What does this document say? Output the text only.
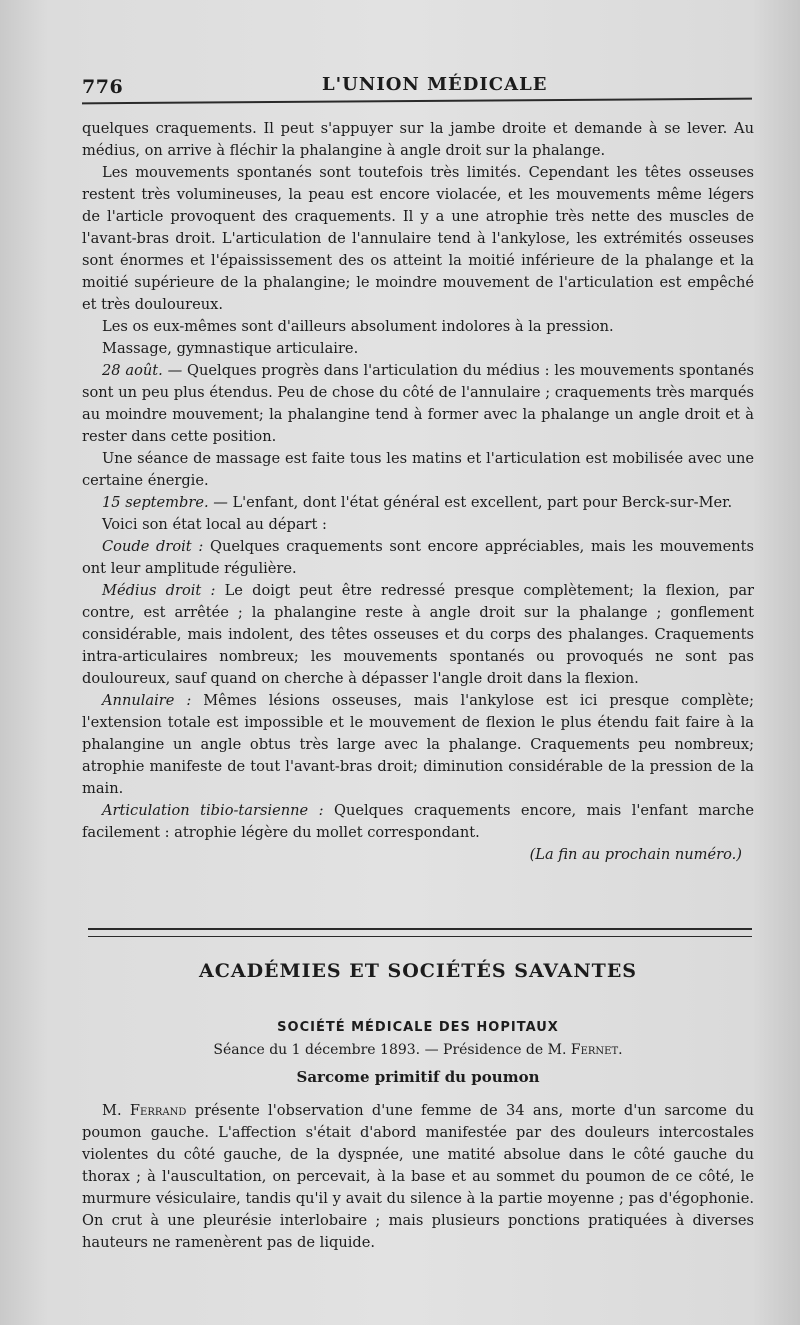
776	L'UNION MÉDICALE

quelques craquements. Il peut s'appuyer sur la jambe droite et demande à se lever. Au médius, on arrive à fléchir la phalangine à angle droit sur la phalange.

Les mouvements spontanés sont toutefois très limités. Cependant les têtes osseuses restent très volumineuses, la peau est encore violacée, et les mouvements même légers de l'article provoquent des craquements. Il y a une atrophie très nette des muscles de l'avant-bras droit. L'articulation de l'annulaire tend à l'ankylose, les extrémités osseuses sont énormes et l'épaississement des os atteint la moitié inférieure de la phalange et la moitié supérieure de la phalangine; le moindre mouvement de l'articulation est empêché et très douloureux.

Les os eux-mêmes sont d'ailleurs absolument indolores à la pression.

Massage, gymnastique articulaire.

28 août. — Quelques progrès dans l'articulation du médius : les mouvements spontanés sont un peu plus étendus. Peu de chose du côté de l'annulaire ; craquements très marqués au moindre mouvement; la phalangine tend à former avec la phalange un angle droit et à rester dans cette position.

Une séance de massage est faite tous les matins et l'articulation est mobilisée avec une certaine énergie.

15 septembre. — L'enfant, dont l'état général est excellent, part pour Berck-sur-Mer.

Voici son état local au départ :

Coude droit : Quelques craquements sont encore appréciables, mais les mouvements ont leur amplitude régulière.

Médius droit : Le doigt peut être redressé presque complètement; la flexion, par contre, est arrêtée ; la phalangine reste à angle droit sur la phalange ; gonflement considérable, mais indolent, des têtes osseuses et du corps des phalanges. Craquements intra-articulaires nombreux; les mouvements spontanés ou provoqués ne sont pas douloureux, sauf quand on cherche à dépasser l'angle droit dans la flexion.

Annulaire : Mêmes lésions osseuses, mais l'ankylose est ici presque complète; l'extension totale est impossible et le mouvement de flexion le plus étendu fait faire à la phalangine un angle obtus très large avec la phalange. Craquements peu nombreux; atrophie manifeste de tout l'avant-bras droit; diminution considérable de la pression de la main.

Articulation tibio-tarsienne : Quelques craquements encore, mais l'enfant marche facilement : atrophie légère du mollet correspondant.

(La fin au prochain numéro.)

ACADÉMIES ET SOCIÉTÉS SAVANTES
SOCIÉTÉ MÉDICALE DES HOPITAUX
Séance du 1 décembre 1893. — Présidence de M. Fernet.
Sarcome primitif du poumon

M. Ferrand présente l'observation d'une femme de 34 ans, morte d'un sarcome du poumon gauche. L'affection s'était d'abord manifestée par des douleurs intercostales violentes du côté gauche, de la dyspnée, une matité absolue dans le côté gauche du thorax ; à l'auscultation, on percevait, à la base et au sommet du poumon de ce côté, le murmure vésiculaire, tandis qu'il y avait du silence à la partie moyenne ; pas d'égophonie. On crut à une pleurésie interlobaire ; mais plusieurs ponctions pratiquées à diverses hauteurs ne ramenèrent pas de liquide.
